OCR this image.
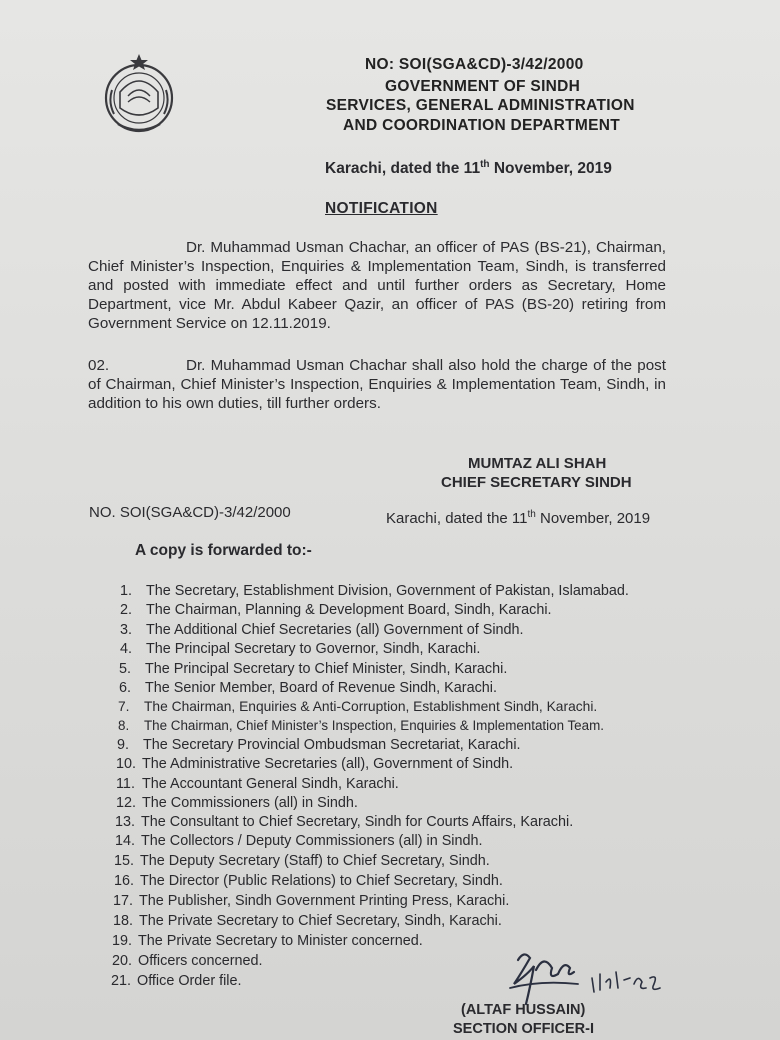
NO: SOI(SGA&CD)-3/42/2000
GOVERNMENT OF SINDH
SERVICES, GENERAL ADMINISTRATION
AND COORDINATION DEPARTMENT
Karachi, dated the 11th November, 2019
NOTIFICATION
Dr. Muhammad Usman Chachar, an officer of PAS (BS-21), Chairman, Chief Minister’s Inspection, Enquiries & Implementation Team, Sindh, is transferred and posted with immediate effect and until further orders as Secretary, Home Department, vice Mr. Abdul Kabeer Qazir, an officer of PAS (BS-20) retiring from Government Service on 12.11.2019.
02.	Dr. Muhammad Usman Chachar shall also hold the charge of the post of Chairman, Chief Minister’s Inspection, Enquiries & Implementation Team, Sindh, in addition to his own duties, till further orders.
MUMTAZ ALI SHAH
CHIEF SECRETARY SINDH
NO. SOI(SGA&CD)-3/42/2000	Karachi, dated the 11th November, 2019
A copy is forwarded to:-
1. The Secretary, Establishment Division, Government of Pakistan, Islamabad.
2. The Chairman, Planning & Development Board, Sindh, Karachi.
3. The Additional Chief Secretaries (all) Government of Sindh.
4. The Principal Secretary to Governor, Sindh, Karachi.
5. The Principal Secretary to Chief Minister, Sindh, Karachi.
6. The Senior Member, Board of Revenue Sindh, Karachi.
7. The Chairman, Enquiries & Anti-Corruption, Establishment Sindh, Karachi.
8. The Chairman, Chief Minister’s Inspection, Enquiries & Implementation Team.
9. The Secretary Provincial Ombudsman Secretariat, Karachi.
10. The Administrative Secretaries (all), Government of Sindh.
11. The Accountant General Sindh, Karachi.
12. The Commissioners (all) in Sindh.
13. The Consultant to Chief Secretary, Sindh for Courts Affairs, Karachi.
14. The Collectors / Deputy Commissioners (all) in Sindh.
15. The Deputy Secretary (Staff) to Chief Secretary, Sindh.
16. The Director (Public Relations) to Chief Secretary, Sindh.
17. The Publisher, Sindh Government Printing Press, Karachi.
18. The Private Secretary to Chief Secretary, Sindh, Karachi.
19. The Private Secretary to Minister concerned.
20. Officers concerned.
21. Office Order file.
(ALTAF HUSSAIN)
SECTION OFFICER-I
